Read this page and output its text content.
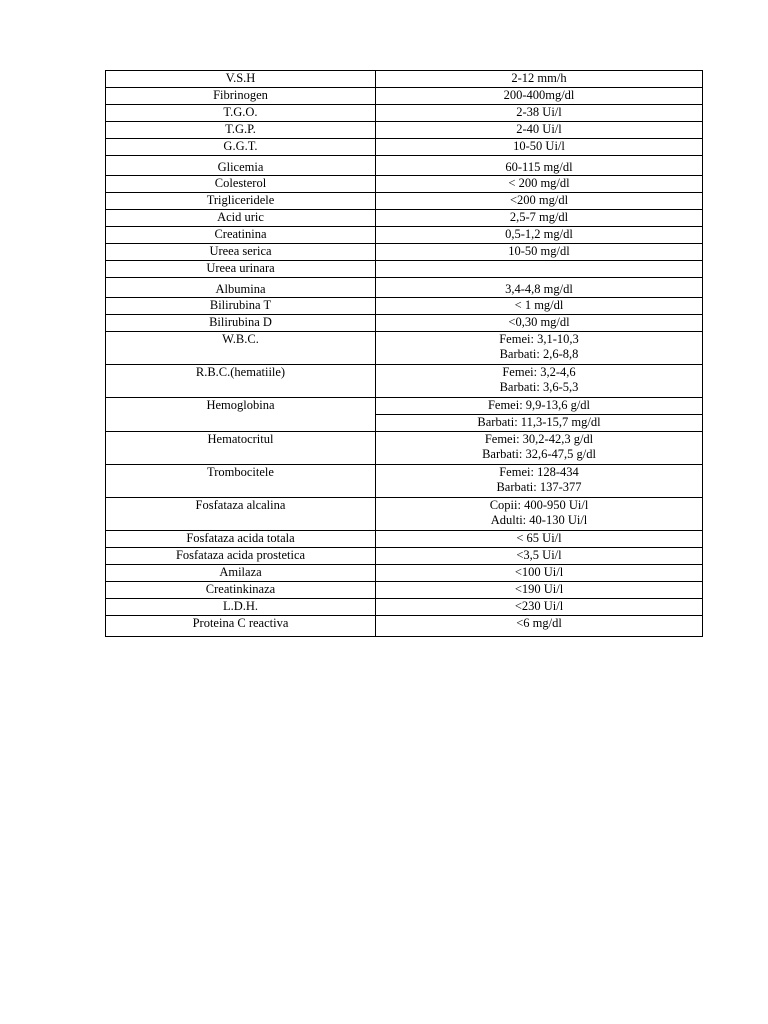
V.S.H	2-12 mm/h
Fibrinogen	200-400mg/dl
T.G.O.	2-38 Ui/l
T.G.P.	2-40 Ui/l
G.G.T.	10-50 Ui/l
Glicemia	60-115 mg/dl
Colesterol	< 200 mg/dl
Trigliceridele	<200 mg/dl
Acid uric	2,5-7 mg/dl
Creatinina	0,5-1,2 mg/dl
Ureea serica	10-50 mg/dl
Ureea urinara	
Albumina	3,4-4,8 mg/dl
Bilirubina T	< 1 mg/dl
Bilirubina D	<0,30 mg/dl
W.B.C.	Femei: 3,1-10,3
Barbati: 2,6-8,8

R.B.C.(hematiile)	Femei: 3,2-4,6
Barbati: 3,6-5,3

Hemoglobina	Femei: 9,9-13,6 g/dl
	Barbati: 11,3-15,7 mg/dl
Hematocritul	Femei: 30,2-42,3 g/dl
Barbati: 32,6-47,5 g/dl

Trombocitele	Femei: 128-434
Barbati: 137-377

Fosfataza alcalina	Copii: 400-950 Ui/l
Adulti: 40-130 Ui/l

Fosfataza acida totala	< 65 Ui/l
Fosfataza acida prostetica	<3,5 Ui/l
Amilaza	<100 Ui/l
Creatinkinaza	<190 Ui/l
L.D.H.	<230 Ui/l
Proteina C reactiva	<6 mg/dl
